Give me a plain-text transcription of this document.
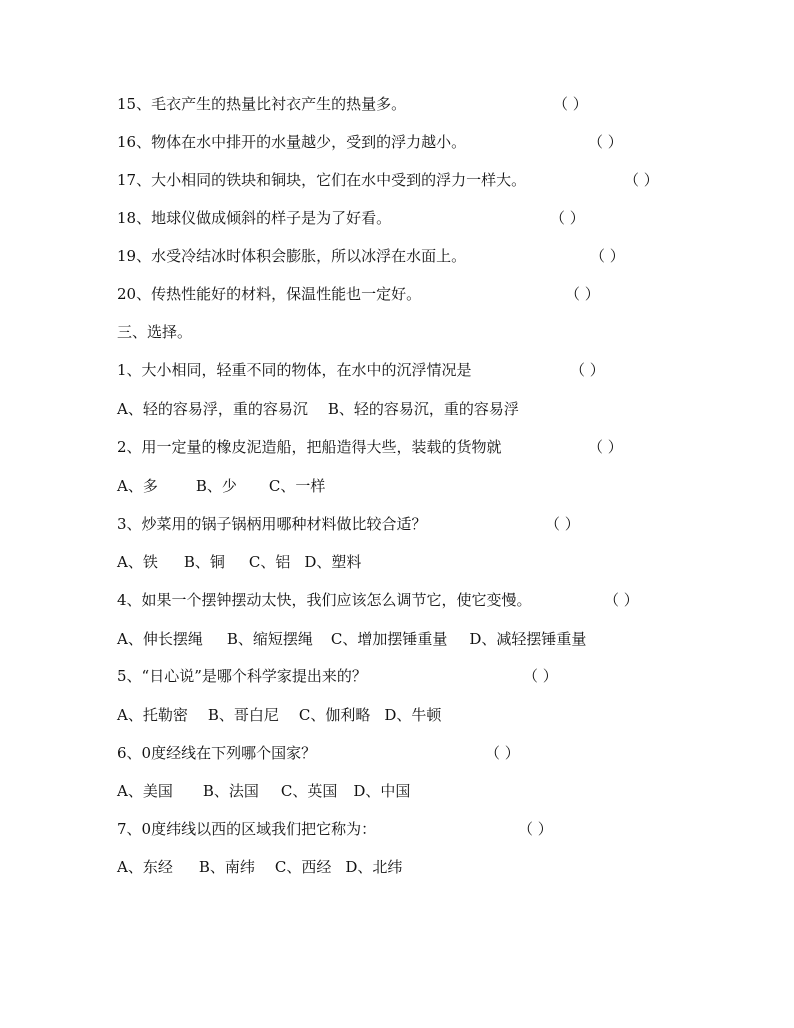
15、毛衣产生的热量比衬衣产生的热量多。	（ ）
16、物体在水中排开的水量越少，受到的浮力越小。	（ ）
17、大小相同的铁块和铜块，它们在水中受到的浮力一样大。	（ ）
18、地球仪做成倾斜的样子是为了好看。	（ ）
19、水受冷结冰时体积会膨胀，所以冰浮在水面上。	（ ）
20、传热性能好的材料，保温性能也一定好。	（ ）
三、选择。
1、大小相同，轻重不同的物体，在水中的沉浮情况是	（ ）
A、轻的容易浮，重的容易沉 B、轻的容易沉，重的容易浮
2、用一定量的橡皮泥造船，把船造得大些，装载的货物就	（ ）
A、多	B、少 C、一样
3、炒菜用的锅子锅柄用哪种材料做比较合适？	（ ）
A、铁 B、铜 C、铝 D、塑料
4、如果一个摆钟摆动太快，我们应该怎么调节它，使它变慢。	（ ）
A、伸长摆绳 B、缩短摆绳 C、增加摆锤重量 D、减轻摆锤重量
5、“日心说”是哪个科学家提出来的？	（ ）
A、托勒密 B、哥白尼 C、伽利略 D、牛顿
6、0度经线在下列哪个国家？	（ ）
A、美国 B、法国 C、英国 D、中国
7、0度纬线以西的区域我们把它称为：	（ ）
A、东经 B、南纬 C、西经 D、北纬
